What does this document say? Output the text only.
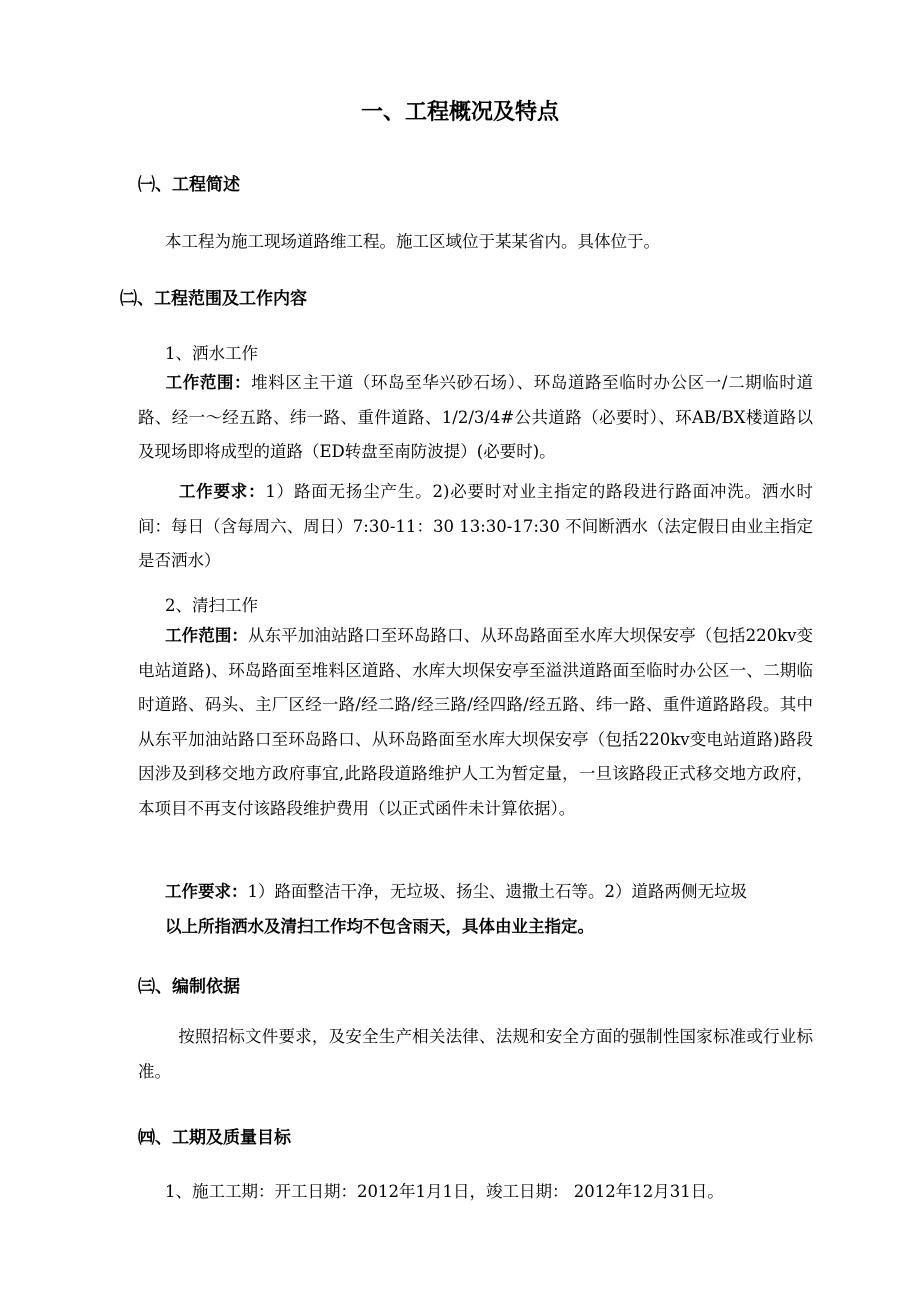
一、工程概况及特点
㈠、工程简述
本工程为施工现场道路维工程。施工区域位于某某省内。具体位于。
㈡、工程范围及工作内容
1、洒水工作
工作范围：堆料区主干道（环岛至华兴砂石场）、环岛道路至临时办公区一/二期临时道路、经一～经五路、纬一路、重件道路、1/2/3/4#公共道路（必要时）、环AB/BX楼道路以及现场即将成型的道路（ED转盘至南防波提）(必要时)。
工作要求：1）路面无扬尘产生。2)必要时对业主指定的路段进行路面冲洗。洒水时间：每日（含每周六、周日）7:30-11：30 13:30-17:30 不间断洒水（法定假日由业主指定是否洒水）
2、清扫工作
工作范围：从东平加油站路口至环岛路口、从环岛路面至水库大坝保安亭（包括220kv变电站道路)、环岛路面至堆料区道路、水库大坝保安亭至溢洪道路面至临时办公区一、二期临时道路、码头、主厂区经一路/经二路/经三路/经四路/经五路、纬一路、重件道路路段。其中从东平加油站路口至环岛路口、从环岛路面至水库大坝保安亭（包括220kv变电站道路)路段因涉及到移交地方政府事宜,此路段道路维护人工为暂定量，一旦该路段正式移交地方政府，本项目不再支付该路段维护费用（以正式函件未计算依据）。
工作要求：1）路面整洁干净，无垃圾、扬尘、遗撒土石等。2）道路两侧无垃圾
以上所指洒水及清扫工作均不包含雨天，具体由业主指定。
㈢、编制依据
按照招标文件要求，及安全生产相关法律、法规和安全方面的强制性国家标准或行业标准。
㈣、工期及质量目标
1、施工工期：开工日期：2012年1月1日，竣工日期： 2012年12月31日。
